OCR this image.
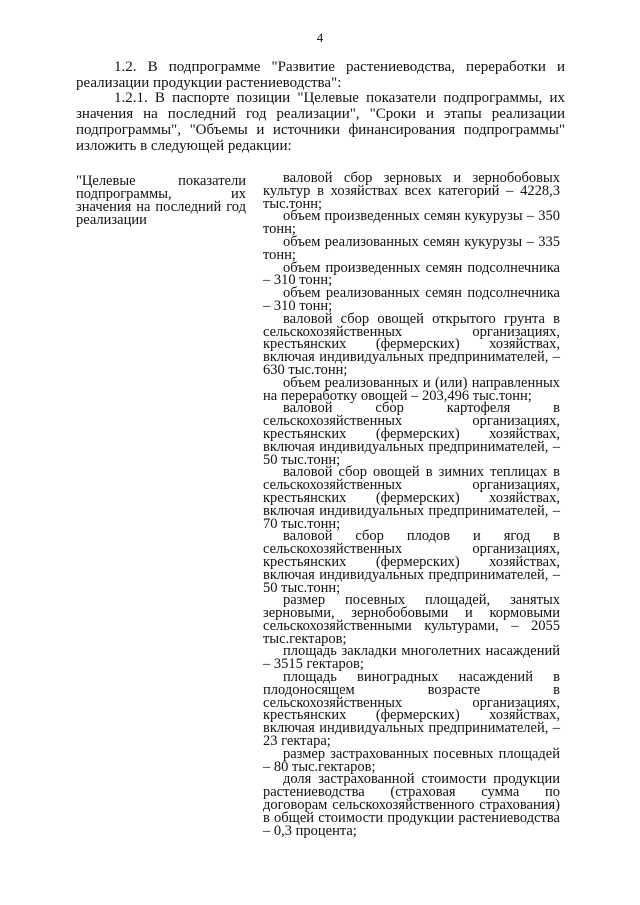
4

1.2. В подпрограмме "Развитие растениеводства, переработки и реализации продукции растениеводства":

1.2.1. В паспорте позиции "Целевые показатели подпрограммы, их значения на последний год реализации", "Сроки и этапы реализации подпрограммы", "Объемы и источники финансирования подпрограммы" изложить в следующей редакции:

"Целевые показатели подпрограммы, их значения на последний год реализации

валовой сбор зерновых и зернобобовых культур в хозяйствах всех категорий – 4228,3 тыс.тонн;

объем произведенных семян кукурузы – 350 тонн;

объем реализованных семян кукурузы – 335 тонн;

объем произведенных семян подсолнечника – 310 тонн;

объем реализованных семян подсолнечника – 310 тонн;

валовой сбор овощей открытого грунта в сельскохозяйственных организациях, крестьянских (фермерских) хозяйствах, включая индивидуальных предпринимателей, – 630 тыс.тонн;

объем реализованных и (или) направленных на переработку овощей – 203,496 тыс.тонн;

валовой сбор картофеля в сельскохозяйственных организациях, крестьянских (фермерских) хозяйствах, включая индивидуальных предпринимателей, – 50 тыс.тонн;

валовой сбор овощей в зимних теплицах в сельскохозяйственных организациях, крестьянских (фермерских) хозяйствах, включая индивидуальных предпринимателей, – 70 тыс.тонн;

валовой сбор плодов и ягод в сельскохозяйственных организациях, крестьянских (фермерских) хозяйствах, включая индивидуальных предпринимателей, – 50 тыс.тонн;

размер посевных площадей, занятых зерновыми, зернобобовыми и кормовыми сельскохозяйственными культурами, – 2055 тыс.гектаров;

площадь закладки многолетних насаждений – 3515 гектаров;

площадь виноградных насаждений в плодоносящем возрасте в сельскохозяйственных организациях, крестьянских (фермерских) хозяйствах, включая индивидуальных предпринимателей, – 23 гектара;

размер застрахованных посевных площадей – 80 тыс.гектаров;

доля застрахованной стоимости продукции растениеводства (страховая сумма по договорам сельскохозяйственного страхования) в общей стоимости продукции растениеводства – 0,3 процента;
